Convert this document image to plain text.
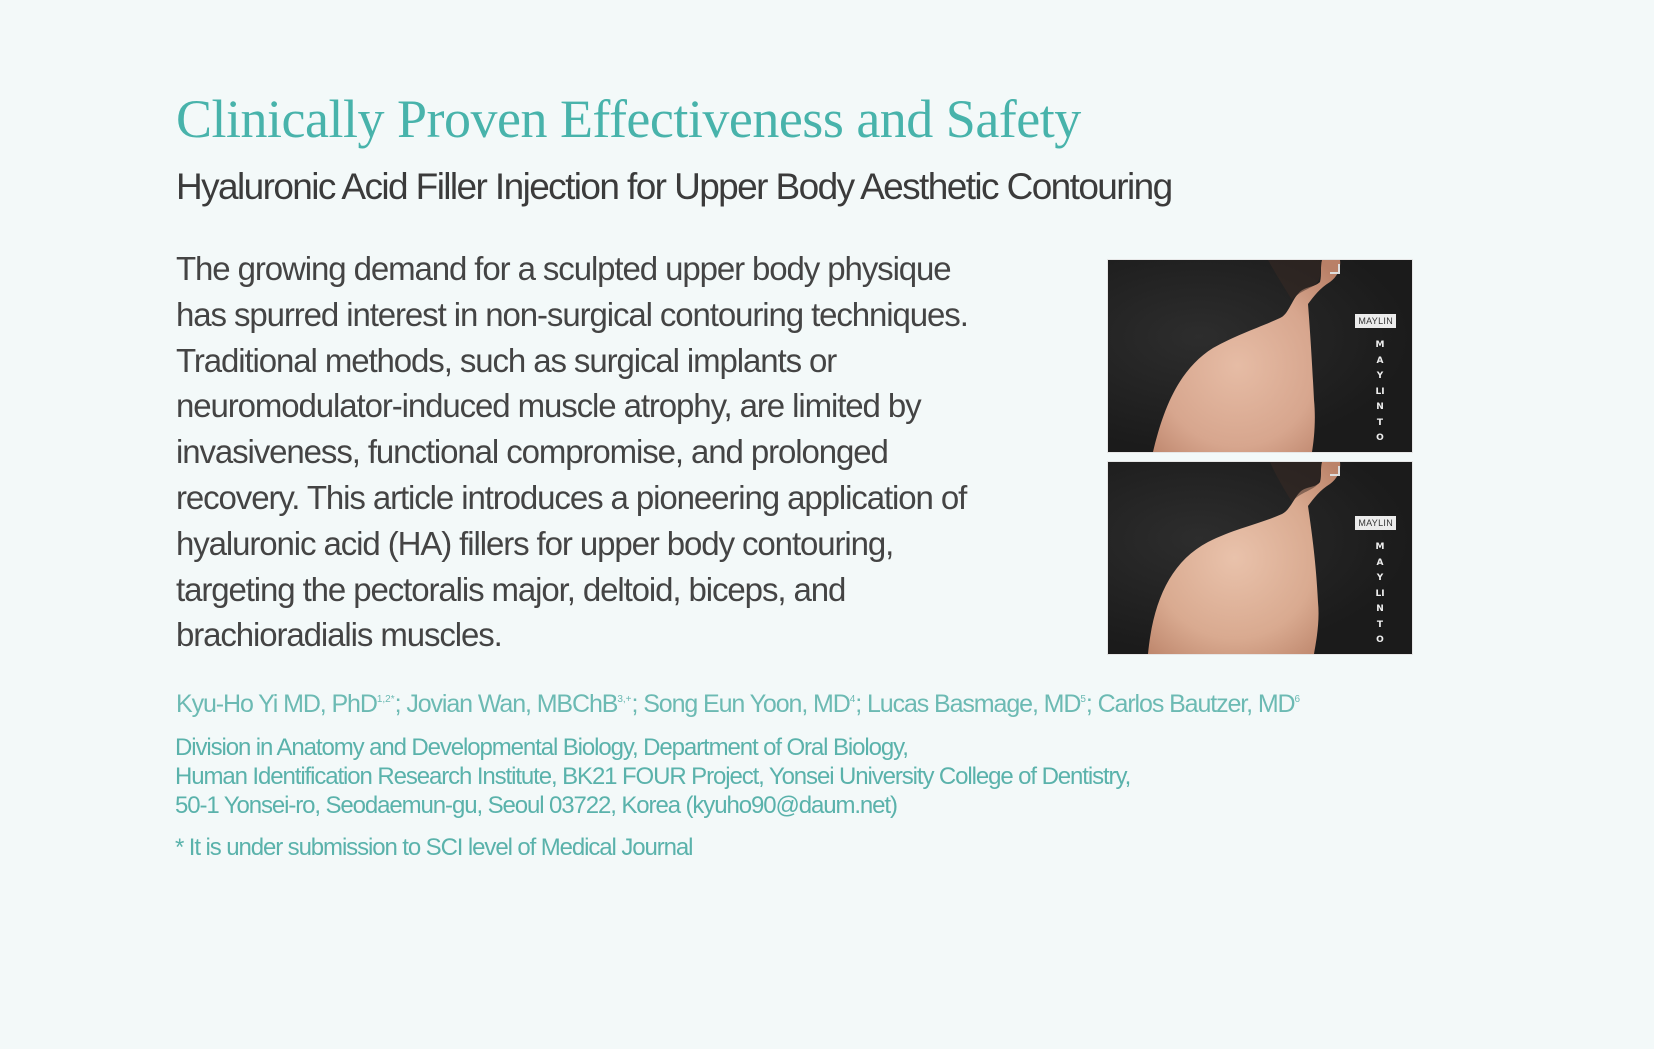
Clinically Proven Effectiveness and Safety
Hyaluronic Acid Filler Injection for Upper Body Aesthetic Contouring
The growing demand for a sculpted upper body physique
has spurred interest in non-surgical contouring techniques.
Traditional methods, such as surgical implants or
neuromodulator-induced muscle atrophy, are limited by
invasiveness, functional compromise, and prolonged
recovery. This article introduces a pioneering application of
hyaluronic acid (HA) fillers for upper body contouring,
targeting the pectoralis major, deltoid, biceps, and
brachioradialis muscles.
MAYLIN
MAYLINTO
MAYLIN
MAYLINTO
Kyu-Ho Yi MD, PhD$^{1,2*}$; Jovian Wan, MBChB$^{3,+}$; Song Eun Yoon, $MD^4$; Lucas Basmage, $MD^5$; Carlos Bautzer, $MD^6$
Division in Anatomy and Developmental Biology, Department of Oral Biology,
Human Identification Research Institute, BK21 FOUR Project, Yonsei University College of Dentistry,
50-1 Yonsei-ro, Seodaemun-gu, Seoul 03722, Korea (kyuho90@daum.net)
* It is under submission to SCI level of Medical Journal
